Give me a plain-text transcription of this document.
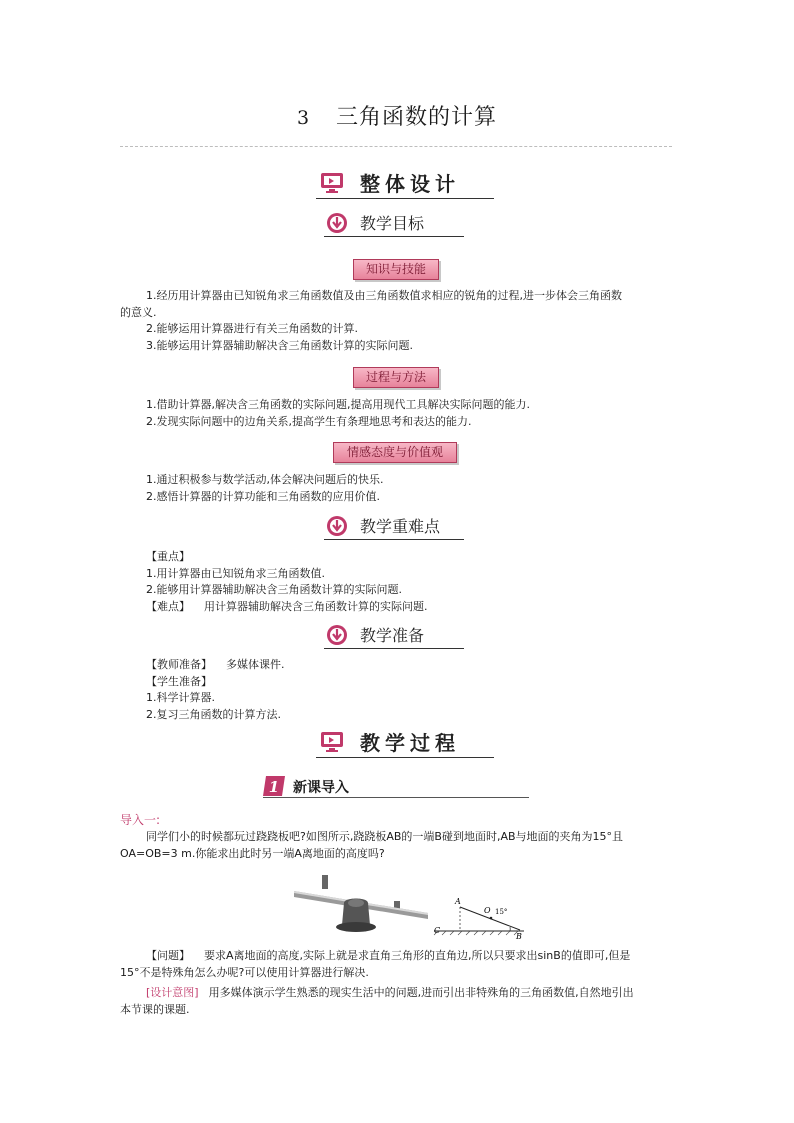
3 三角函数的计算
整体设计
教学目标
知识与技能

1.经历用计算器由已知锐角求三角函数值及由三角函数值求相应的锐角的过程,进一步体会三角函数

的意义.

2.能够运用计算器进行有关三角函数的计算.

3.能够运用计算器辅助解决含三角函数计算的实际问题.

过程与方法

1.借助计算器,解决含三角函数的实际问题,提高用现代工具解决实际问题的能力.

2.发现实际问题中的边角关系,提高学生有条理地思考和表达的能力.

情感态度与价值观

1.通过积极参与数学活动,体会解决问题后的快乐.

2.感悟计算器的计算功能和三角函数的应用价值.

教学重难点

【重点】

1.用计算器由已知锐角求三角函数值.

2.能够用计算器辅助解决含三角函数计算的实际问题.

【难点】 用计算器辅助解决含三角函数计算的实际问题.

教学准备

【教师准备】 多媒体课件.

【学生准备】

1.科学计算器.

2.复习三角函数的计算方法.

教学过程
1 新课导入
导入一:

同学们小的时候都玩过跷跷板吧?如图所示,跷跷板AB的一端B碰到地面时,AB与地面的夹角为15°且

OA=OB=3 m.你能求出此时另一端A离地面的高度吗?

A
O 15°
C
B

【问题】 要求A离地面的高度,实际上就是求直角三角形的直角边,所以只要求出sinB的值即可,但是

15°不是特殊角怎么办呢?可以使用计算器进行解决.

[设计意图] 用多媒体演示学生熟悉的现实生活中的问题,进而引出非特殊角的三角函数值,自然地引出

本节课的课题.
